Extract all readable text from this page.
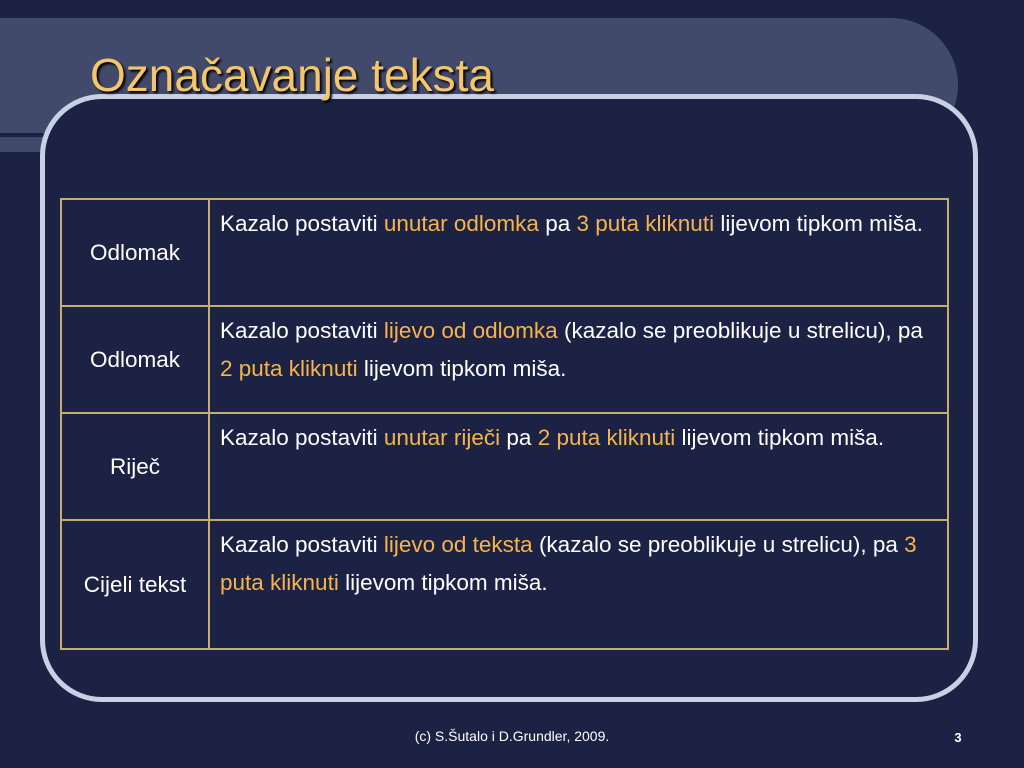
Označavanje teksta
Odlomak	Kazalo postaviti unutar odlomka pa 3 puta kliknuti lijevom tipkom miša.
Odlomak	Kazalo postaviti lijevo od odlomka (kazalo se preoblikuje u strelicu), pa 2 puta kliknuti lijevom tipkom miša.
Riječ	Kazalo postaviti unutar riječi pa 2 puta kliknuti lijevom tipkom miša.
Cijeli tekst	Kazalo postaviti lijevo od teksta (kazalo se preoblikuje u strelicu), pa 3 puta kliknuti lijevom tipkom miša.
(c) S.Šutalo i D.Grundler, 2009.	3
